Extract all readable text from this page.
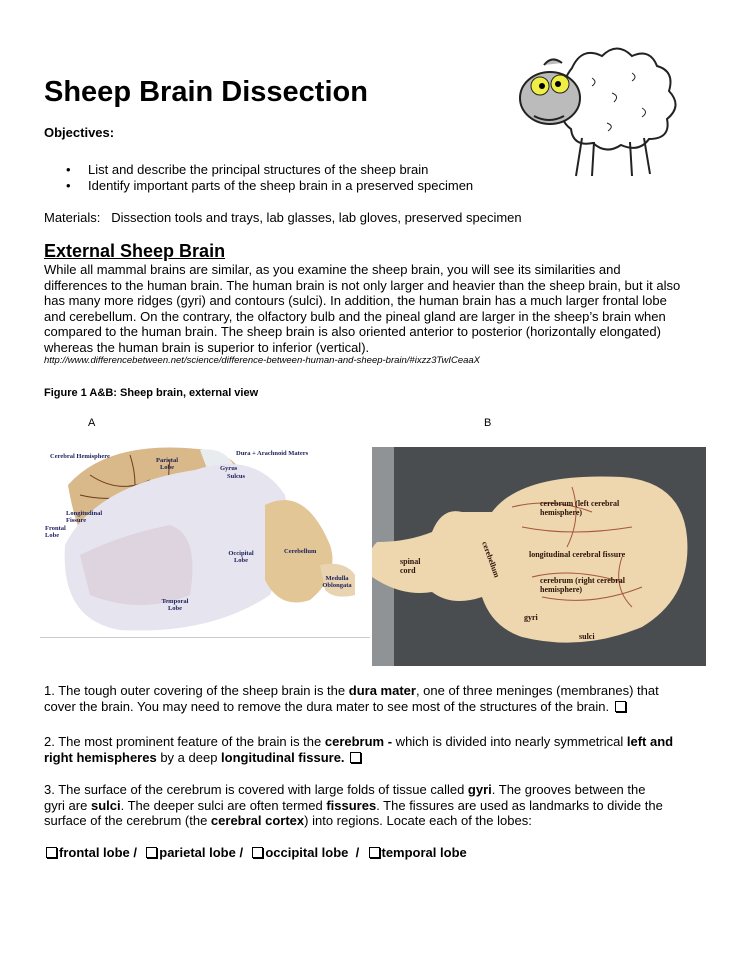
Sheep Brain Dissection
Objectives:
• List and describe the principal structures of the sheep brain
• Identify important parts of the sheep brain in a preserved specimen
Materials: Dissection tools and trays, lab glasses, lab gloves, preserved specimen
External Sheep Brain
While all mammal brains are similar, as you examine the sheep brain, you will see its similarities and
differences to the human brain. The human brain is not only larger and heavier than the sheep brain, but it also
has many more ridges (gyri) and contours (sulci). In addition, the human brain has a much larger frontal lobe
and cerebellum. On the contrary, the olfactory bulb and the pineal gland are larger in the sheep’s brain when
compared to the human brain. The sheep brain is also oriented anterior to posterior (horizontally elongated)
whereas the human brain is superior to inferior (vertical).
http://www.differencebetween.net/science/difference-between-human-and-sheep-brain/#ixzz3TwICeaaX
Figure 1 A&B: Sheep brain, external view
A	B
Cerebral Hemisphere
Parietal Lobe
Dura + Arachnoid Maters
Gyrus
Sulcus
Longitudinal Fissure
Frontal Lobe
Occipital Lobe
Cerebellum
Medulla Oblongata
Temporal Lobe
cerebrum (left cerebral hemisphere)
longitudinal cerebral fissure
spinal cord	cerebellum
cerebrum (right cerebral hemisphere)
gyri
sulci
1. The tough outer covering of the sheep brain is the dura mater, one of three meninges (membranes) that
cover the brain. You may need to remove the dura mater to see most of the structures of the brain.
2. The most prominent feature of the brain is the cerebrum - which is divided into nearly symmetrical left and
right hemispheres by a deep longitudinal fissure.
3. The surface of the cerebrum is covered with large folds of tissue called gyri. The grooves between the
gyri are sulci. The deeper sulci are often termed fissures. The fissures are used as landmarks to divide the
surface of the cerebrum (the cerebral cortex) into regions. Locate each of the lobes:
frontal lobe / parietal lobe / occipital lobe / temporal lobe
